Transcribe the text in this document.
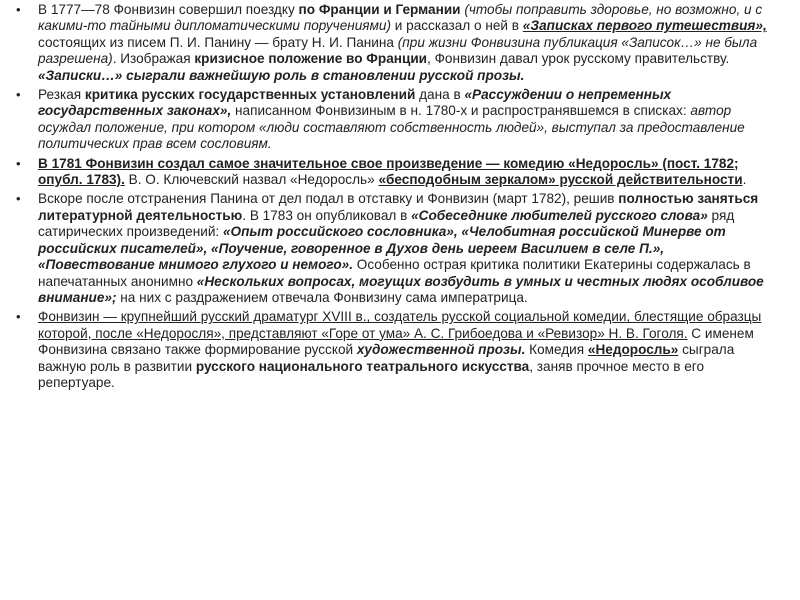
• В 1777—78 Фонвизин совершил поездку по Франции и Германии (чтобы поправить здоровье, но возможно, и с какими-то тайными дипломатическими поручениями) и рассказал о ней в «Записках первого путешествия», состоящих из писем П. И. Панину — брату Н. И. Панина (при жизни Фонвизина публикация «Записок…» не была разрешена). Изображая кризисное положение во Франции, Фонвизин давал урок русскому правительству. «Записки…» сыграли важнейшую роль в становлении русской прозы.
• Резкая критика русских государственных установлений дана в «Рассуждении о непременных государственных законах», написанном Фонвизиным в н. 1780-х и распространявшемся в списках: автор осуждал положение, при котором «люди составляют собственность людей», выступал за предоставление политических прав всем сословиям.
• В 1781 Фонвизин создал самое значительное свое произведение — комедию «Недоросль» (пост. 1782; опубл. 1783). В. О. Ключевский назвал «Недоросль» «бесподобным зеркалом» русской действительности.
• Вскоре после отстранения Панина от дел подал в отставку и Фонвизин (март 1782), решив полностью заняться литературной деятельностью. В 1783 он опубликовал в «Собеседнике любителей русского слова» ряд сатирических произведений: «Опыт российского сословника», «Челобитная российской Минерве от российских писателей», «Поучение, говоренное в Духов день иереем Василием в селе П.», «Повествование мнимого глухого и немого». Особенно острая критика политики Екатерины содержалась в напечатанных анонимно «Нескольких вопросах, могущих возбудить в умных и честных людях особливое внимание»; на них с раздражением отвечала Фонвизину сама императрица.
• Фонвизин — крупнейший русский драматург XVIII в., создатель русской социальной комедии, блестящие образцы которой, после «Недоросля», представляют «Горе от ума» А. С. Грибоедова и «Ревизор» Н. В. Гоголя. С именем Фонвизина связано также формирование русской художественной прозы. Комедия «Недоросль» сыграла важную роль в развитии русского национального театрального искусства, заняв прочное место в его репертуаре.
